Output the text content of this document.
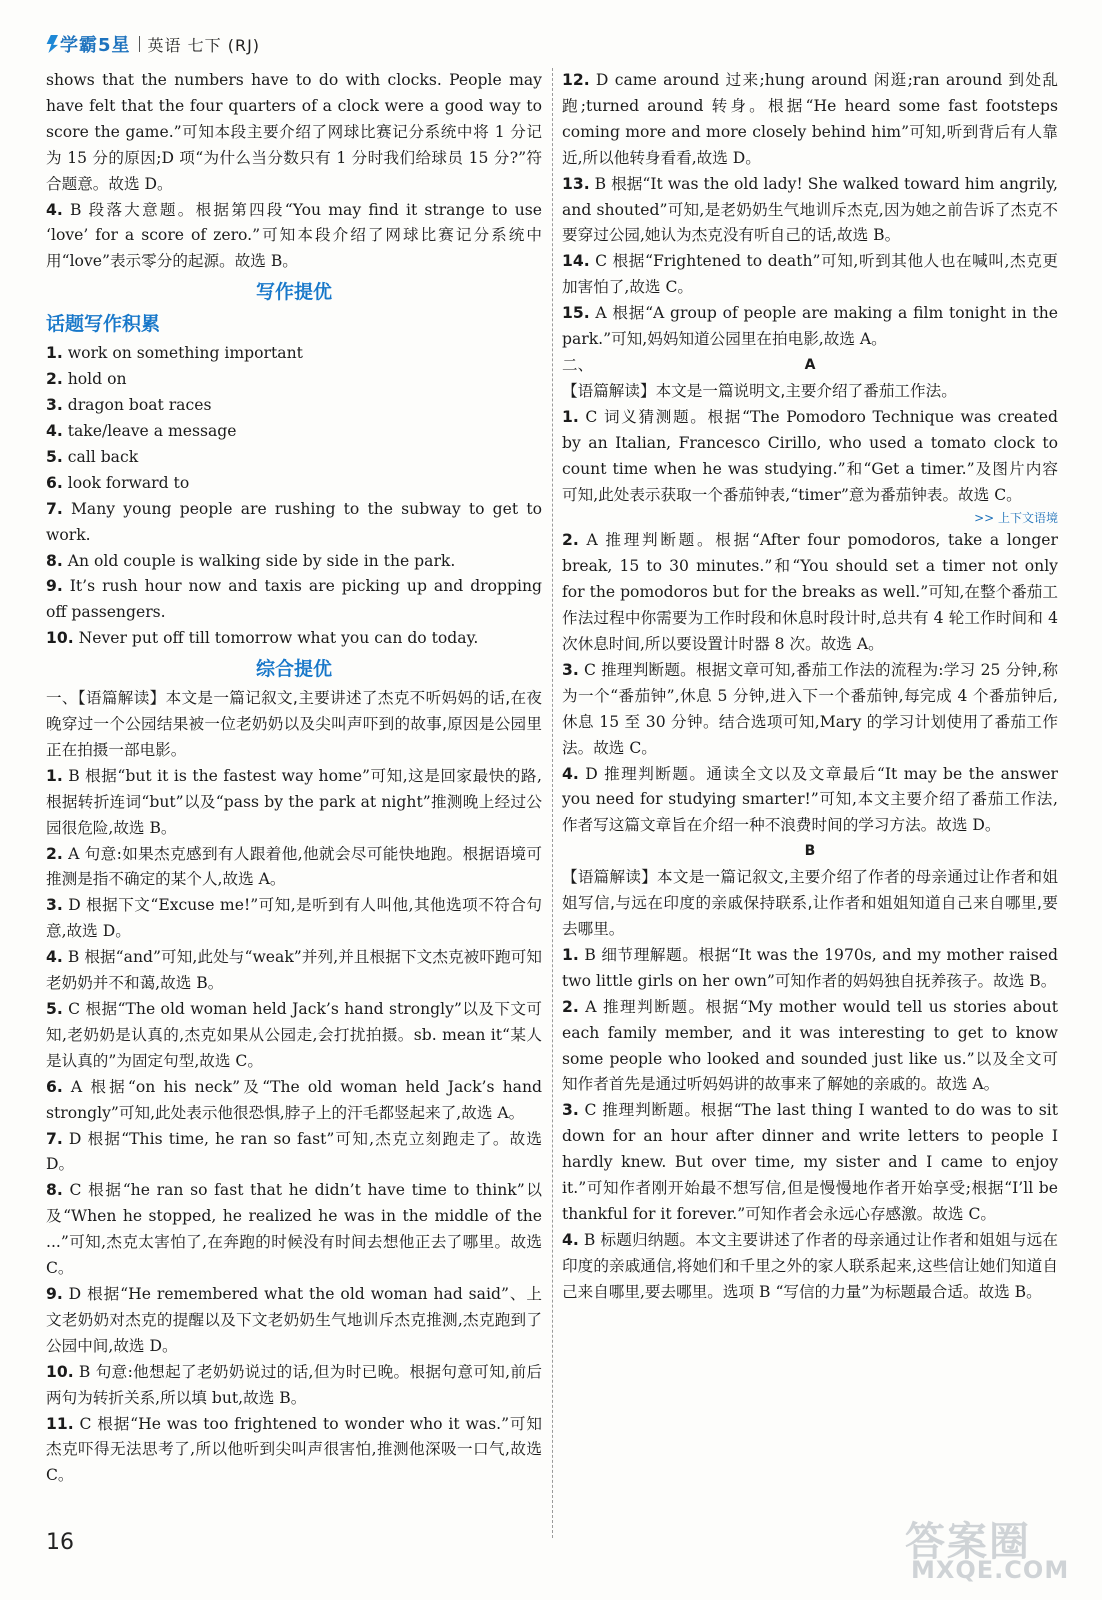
学霸5星 英语 七下 (RJ)

shows that the numbers have to do with clocks. People may have felt that the four quarters of a clock were a good way to score the game.”可知本段主要介绍了网球比赛记分系统中将 1 分记为 15 分的原因;D 项“为什么当分数只有 1 分时我们给球员 15 分?”符合题意。故选 D。

4. B 段落大意题。根据第四段“You may find it strange to use ‘love’ for a score of zero.”可知本段介绍了网球比赛记分系统中用“love”表示零分的起源。故选 B。

写作提优
话题写作积累

1. work on something important

2. hold on

3. dragon boat races

4. take/leave a message

5. call back

6. look forward to

7. Many young people are rushing to the subway to get to work.

8. An old couple is walking side by side in the park.

9. It’s rush hour now and taxis are picking up and dropping off passengers.

10. Never put off till tomorrow what you can do today.

综合提优

一、【语篇解读】本文是一篇记叙文,主要讲述了杰克不听妈妈的话,在夜晚穿过一个公园结果被一位老奶奶以及尖叫声吓到的故事,原因是公园里正在拍摄一部电影。

1. B 根据“but it is the fastest way home”可知,这是回家最快的路,根据转折连词“but”以及“pass by the park at night”推测晚上经过公园很危险,故选 B。

2. A 句意:如果杰克感到有人跟着他,他就会尽可能快地跑。根据语境可推测是指不确定的某个人,故选 A。

3. D 根据下文“Excuse me!”可知,是听到有人叫他,其他选项不符合句意,故选 D。

4. B 根据“and”可知,此处与“weak”并列,并且根据下文杰克被吓跑可知老奶奶并不和蔼,故选 B。

5. C 根据“The old woman held Jack’s hand strongly”以及下文可知,老奶奶是认真的,杰克如果从公园走,会打扰拍摄。sb. mean it“某人是认真的”为固定句型,故选 C。

6. A 根据“on his neck”及“The old woman held Jack’s hand strongly”可知,此处表示他很恐惧,脖子上的汗毛都竖起来了,故选 A。

7. D 根据“This time, he ran so fast”可知,杰克立刻跑走了。故选 D。

8. C 根据“he ran so fast that he didn’t have time to think”以及“When he stopped, he realized he was in the middle of the ...”可知,杰克太害怕了,在奔跑的时候没有时间去想他正去了哪里。故选 C。

9. D 根据“He remembered what the old woman had said”、上文老奶奶对杰克的提醒以及下文老奶奶生气地训斥杰克推测,杰克跑到了公园中间,故选 D。

10. B 句意:他想起了老奶奶说过的话,但为时已晚。根据句意可知,前后两句为转折关系,所以填 but,故选 B。

11. C 根据“He was too frightened to wonder who it was.”可知杰克吓得无法思考了,所以他听到尖叫声很害怕,推测他深吸一口气,故选 C。

12. D came around 过来;hung around 闲逛;ran around 到处乱跑;turned around 转身。根据“He heard some fast footsteps coming more and more closely behind him”可知,听到背后有人靠近,所以他转身看看,故选 D。

13. B 根据“It was the old lady! She walked toward him angrily, and shouted”可知,是老奶奶生气地训斥杰克,因为她之前告诉了杰克不要穿过公园,她认为杰克没有听自己的话,故选 B。

14. C 根据“Frightened to death”可知,听到其他人也在喊叫,杰克更加害怕了,故选 C。

15. A 根据“A group of people are making a film tonight in the park.”可知,妈妈知道公园里在拍电影,故选 A。

二、	A

【语篇解读】本文是一篇说明文,主要介绍了番茄工作法。

1. C 词义猜测题。根据“The Pomodoro Technique was created by an Italian, Francesco Cirillo, who used a tomato clock to count time when he was studying.”和“Get a timer.”及图片内容可知,此处表示获取一个番茄钟表,“timer”意为番茄钟表。故选 C。

>> 上下文语境

2. A 推理判断题。根据“After four pomodoros, take a longer break, 15 to 30 minutes.”和“You should set a timer not only for the pomodoros but for the breaks as well.”可知,在整个番茄工作法过程中你需要为工作时段和休息时段计时,总共有 4 轮工作时间和 4 次休息时间,所以要设置计时器 8 次。故选 A。

3. C 推理判断题。根据文章可知,番茄工作法的流程为:学习 25 分钟,称为一个“番茄钟”,休息 5 分钟,进入下一个番茄钟,每完成 4 个番茄钟后,休息 15 至 30 分钟。结合选项可知,Mary 的学习计划使用了番茄工作法。故选 C。

4. D 推理判断题。通读全文以及文章最后“It may be the answer you need for studying smarter!”可知,本文主要介绍了番茄工作法,作者写这篇文章旨在介绍一种不浪费时间的学习方法。故选 D。

B

【语篇解读】本文是一篇记叙文,主要介绍了作者的母亲通过让作者和姐姐写信,与远在印度的亲戚保持联系,让作者和姐姐知道自己来自哪里,要去哪里。

1. B 细节理解题。根据“It was the 1970s, and my mother raised two little girls on her own”可知作者的妈妈独自抚养孩子。故选 B。

2. A 推理判断题。根据“My mother would tell us stories about each family member, and it was interesting to get to know some people who looked and sounded just like us.”以及全文可知作者首先是通过听妈妈讲的故事来了解她的亲戚的。故选 A。

3. C 推理判断题。根据“The last thing I wanted to do was to sit down for an hour after dinner and write letters to people I hardly knew. But over time, my sister and I came to enjoy it.”可知作者刚开始最不想写信,但是慢慢地作者开始享受;根据“I’ll be thankful for it forever.”可知作者会永远心存感激。故选 C。

4. B 标题归纳题。本文主要讲述了作者的母亲通过让作者和姐姐与远在印度的亲戚通信,将她们和千里之外的家人联系起来,这些信让她们知道自己来自哪里,要去哪里。选项 B “写信的力量”为标题最合适。故选 B。

16	答案圈
MXQE.COM
